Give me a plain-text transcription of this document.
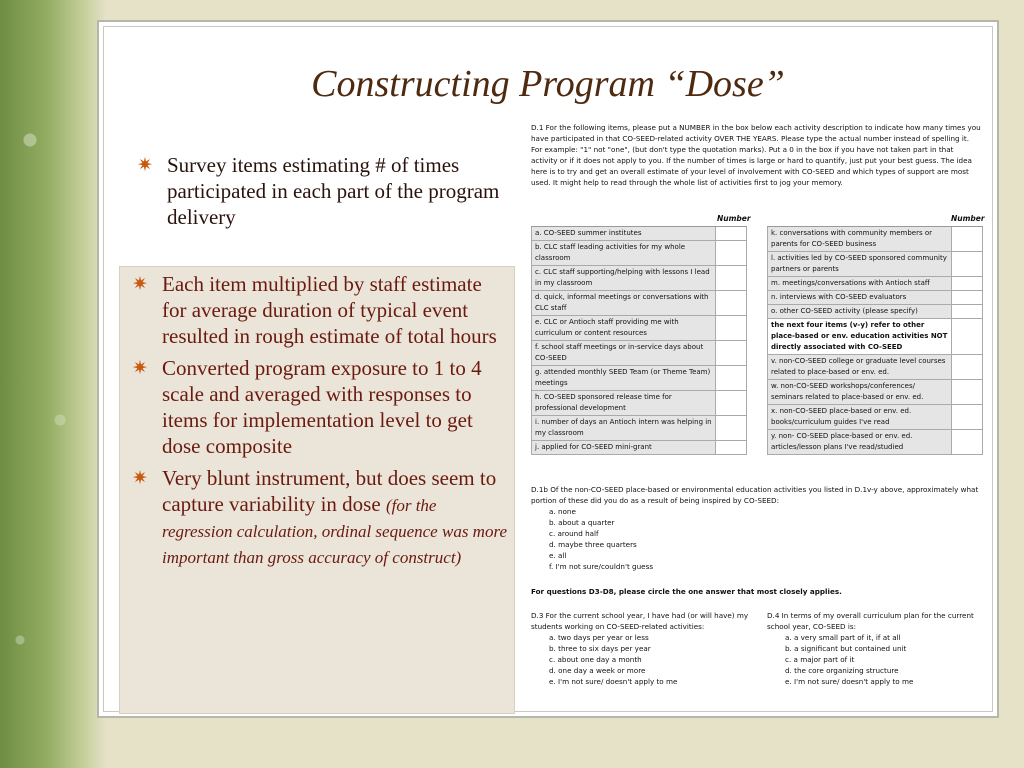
Constructing Program “Dose”
✷ Survey items estimating # of times participated in each part of the program delivery
✷ Each item multiplied by staff estimate for average duration of typical event resulted in rough estimate of total hours
✷ Converted program exposure to 1 to 4 scale and averaged with responses to items for implementation level to get dose composite
✷ Very blunt instrument, but does seem to capture variability in dose (for the regression calculation, ordinal sequence was more important than gross accuracy of construct)
D.1 For the following items, please put a NUMBER in the box below each activity description to indicate how many times you have participated in that CO-SEED-related activity OVER THE YEARS. Please type the actual number instead of spelling it. For example: "1" not "one", (but don't type the quotation marks). Put a 0 in the box if you have not taken part in that activity or if it does not apply to you. If the number of times is large or hard to quantify, just put your best guess. The idea here is to try and get an overall estimate of your level of involvement with CO-SEED and which types of support are most used. It might help to read through the whole list of activities first to jog your memory.
Number	Number
a. CO-SEED summer institutes
b. CLC staff leading activities for my whole classroom
c. CLC staff supporting/helping with lessons I lead in my classroom
d. quick, informal meetings or conversations with CLC staff
e. CLC or Antioch staff providing me with curriculum or content resources
f. school staff meetings or in-service days about CO-SEED
g. attended monthly SEED Team (or Theme Team) meetings
h. CO-SEED sponsored release time for professional development
i. number of days an Antioch intern was helping in my classroom
j. applied for CO-SEED mini-grant
k. conversations with community members or parents for CO-SEED business
l. activities led by CO-SEED sponsored community partners or parents
m. meetings/conversations with Antioch staff
n. interviews with CO-SEED evaluators
o. other CO-SEED activity (please specify)
the next four items (v-y) refer to other place-based or env. education activities NOT directly associated with CO-SEED
v. non-CO-SEED college or graduate level courses related to place-based or env. ed.
w. non-CO-SEED workshops/conferences/ seminars related to place-based or env. ed.
x. non-CO-SEED place-based or env. ed. books/curriculum guides I've read
y. non- CO-SEED place-based or env. ed. articles/lesson plans I've read/studied
D.1b Of the non-CO-SEED place-based or environmental education activities you listed in D.1v-y above, approximately what portion of these did you do as a result of being inspired by CO-SEED:
a. none
b. about a quarter
c. around half
d. maybe three quarters
e. all
f. I'm not sure/couldn't guess
For questions D3-D8, please circle the one answer that most closely applies.
D.3 For the current school year, I have had (or will have) my students working on CO-SEED-related activities:
a. two days per year or less
b. three to six days per year
c. about one day a month
d. one day a week or more
e. I'm not sure/ doesn't apply to me
D.4 In terms of my overall curriculum plan for the current school year, CO-SEED is:
a. a very small part of it, if at all
b. a significant but contained unit
c. a major part of it
d. the core organizing structure
e. I'm not sure/ doesn't apply to me
